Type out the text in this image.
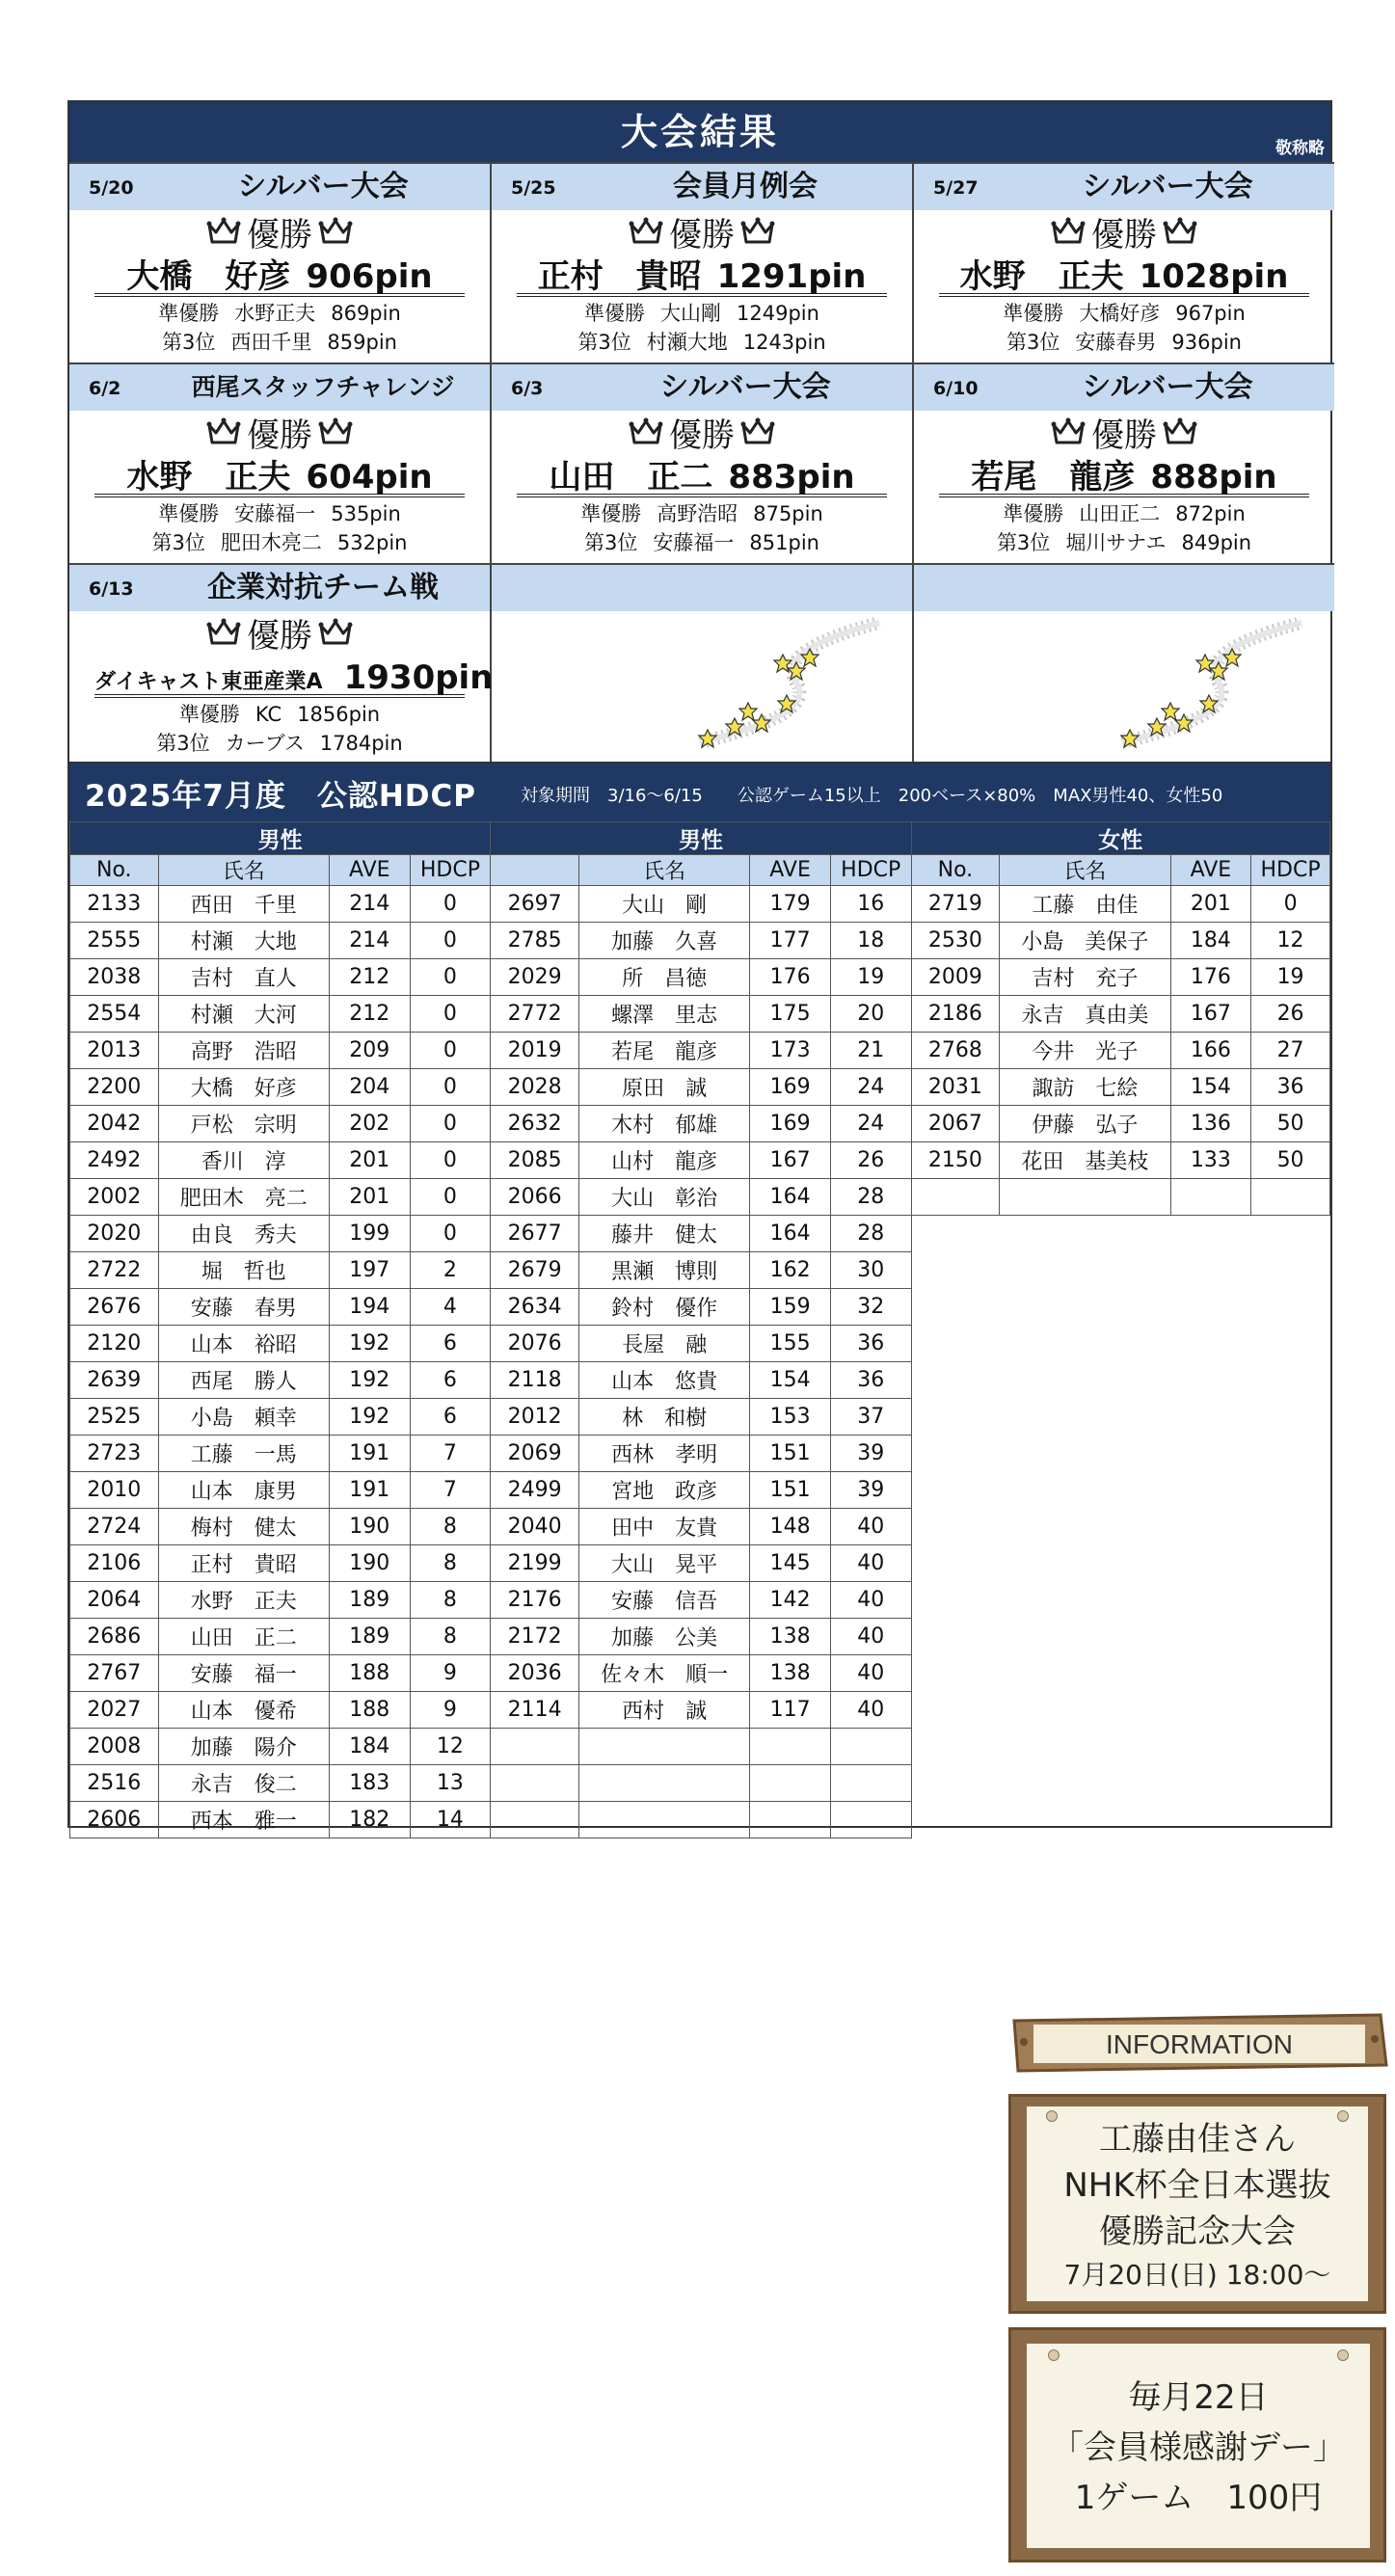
大会結果	敬称略
5/20	シルバー大会
優勝
大橋　好彦 906pin
準優勝 水野正夫 869pin
第3位 西田千里 859pin
5/25	会員月例会
優勝
正村　貴昭 1291pin
準優勝 大山剛 1249pin
第3位 村瀬大地 1243pin
5/27	シルバー大会
優勝
水野　正夫 1028pin
準優勝 大橋好彦 967pin
第3位 安藤春男 936pin
6/2	西尾スタッフチャレンジ
優勝
水野　正夫 604pin
準優勝 安藤福一 535pin
第3位 肥田木亮二 532pin
6/3	シルバー大会
優勝
山田　正二 883pin
準優勝 高野浩昭 875pin
第3位 安藤福一 851pin
6/10	シルバー大会
優勝
若尾　龍彦 888pin
準優勝 山田正二 872pin
第3位 堀川サナエ 849pin
6/13	企業対抗チーム戦
優勝
ダイキャスト東亜産業A 1930pin
準優勝 KC 1856pin
第3位 カーブス 1784pin
2025年7月度　公認HDCP	対象期間　3/16～6/15　　公認ゲーム15以上　200ベース×80%　MAX男性40、女性50
男性				男性				女性			
No.	氏名	AVE	HDCP		氏名	AVE	HDCP	No.	氏名	AVE	HDCP
2133	西田　千里	214	0	2697	大山　剛	179	16	2719	工藤　由佳	201	0
2555	村瀬　大地	214	0	2785	加藤　久喜	177	18	2530	小島　美保子	184	12
2038	吉村　直人	212	0	2029	所　昌徳	176	19	2009	吉村　充子	176	19
2554	村瀬　大河	212	0	2772	螺澤　里志	175	20	2186	永吉　真由美	167	26
2013	高野　浩昭	209	0	2019	若尾　龍彦	173	21	2768	今井　光子	166	27
2200	大橋　好彦	204	0	2028	原田　誠	169	24	2031	諏訪　七絵	154	36
2042	戸松　宗明	202	0	2632	木村　郁雄	169	24	2067	伊藤　弘子	136	50
2492	香川　淳	201	0	2085	山村　龍彦	167	26	2150	花田　基美枝	133	50
2002	肥田木　亮二	201	0	2066	大山　彰治	164	28				
2020	由良　秀夫	199	0	2677	藤井　健太	164	28				
2722	堀　哲也	197	2	2679	黒瀬　博則	162	30				
2676	安藤　春男	194	4	2634	鈴村　優作	159	32				
2120	山本　裕昭	192	6	2076	長屋　融	155	36				
2639	西尾　勝人	192	6	2118	山本　悠貴	154	36				
2525	小島　頼幸	192	6	2012	林　和樹	153	37				
2723	工藤　一馬	191	7	2069	西林　孝明	151	39				
2010	山本　康男	191	7	2499	宮地　政彦	151	39				
2724	梅村　健太	190	8	2040	田中　友貴	148	40				
2106	正村　貴昭	190	8	2199	大山　晃平	145	40				
2064	水野　正夫	189	8	2176	安藤　信吾	142	40				
2686	山田　正二	189	8	2172	加藤　公美	138	40				
2767	安藤　福一	188	9	2036	佐々木　順一	138	40				
2027	山本　優希	188	9	2114	西村　誠	117	40				
2008	加藤　陽介	184	12								
2516	永吉　俊二	183	13								
2606	西本　雅一	182	14								
INFORMATION
工藤由佳さん
NHK杯全日本選抜
優勝記念大会
7月20日(日) 18:00～
毎月22日
「会員様感謝デー」
1ゲーム　100円
